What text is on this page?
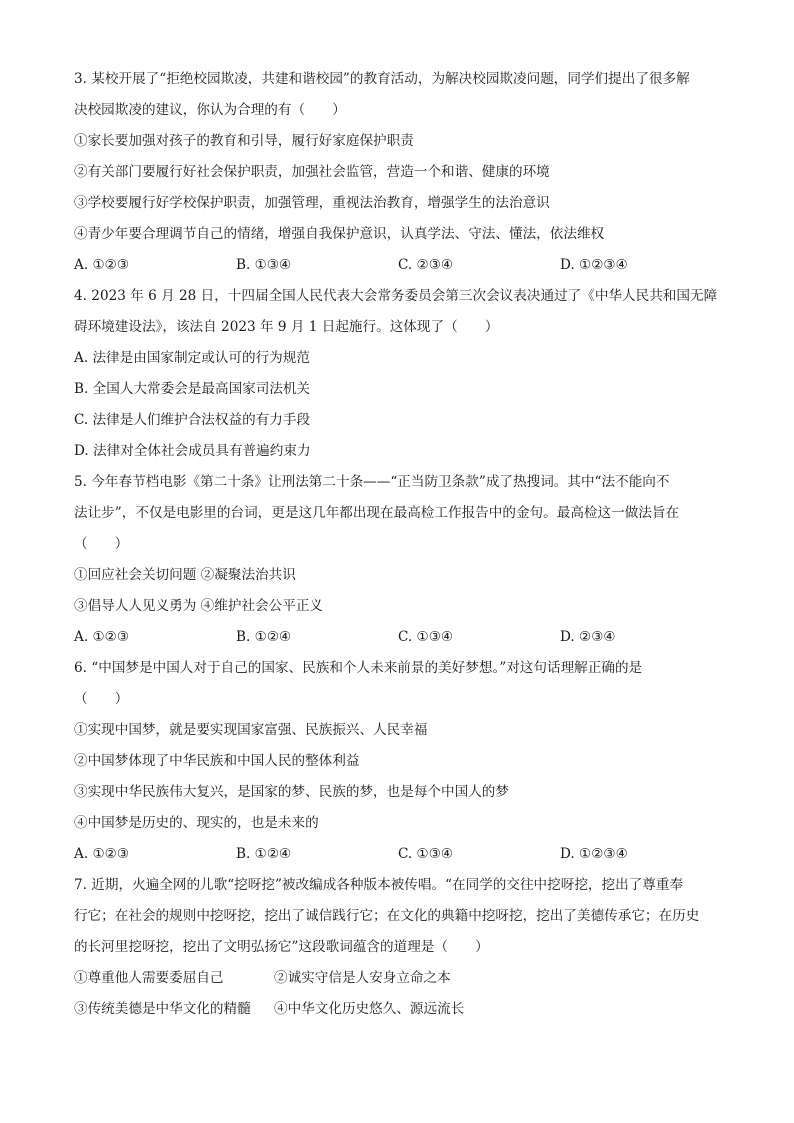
3. 某校开展了“拒绝校园欺凌，共建和谐校园”的教育活动，为解决校园欺凌问题，同学们提出了很多解
决校园欺凌的建议，你认为合理的有（　　）
①家长要加强对孩子的教育和引导，履行好家庭保护职责
②有关部门要履行好社会保护职责，加强社会监管，营造一个和谐、健康的环境
③学校要履行好学校保护职责，加强管理，重视法治教育，增强学生的法治意识
④青少年要合理调节自己的情绪，增强自我保护意识，认真学法、守法、懂法，依法维权
A. ①②③	B. ①③④	C. ②③④	D. ①②③④
4. 2023 年 6 月 28 日，十四届全国人民代表大会常务委员会第三次会议表决通过了《中华人民共和国无障
碍环境建设法》，该法自 2023 年 9 月 1 日起施行。这体现了（　　）
A. 法律是由国家制定或认可的行为规范
B. 全国人大常委会是最高国家司法机关
C. 法律是人们维护合法权益的有力手段
D. 法律对全体社会成员具有普遍约束力
5. 今年春节档电影《第二十条》让刑法第二十条——“正当防卫条款”成了热搜词。其中“法不能向不
法让步”，不仅是电影里的台词，更是这几年都出现在最高检工作报告中的金句。最高检这一做法旨在
（　　）
①回应社会关切问题 ②凝聚法治共识
③倡导人人见义勇为 ④维护社会公平正义
A. ①②③	B. ①②④	C. ①③④	D. ②③④
6. “中国梦是中国人对于自己的国家、民族和个人未来前景的美好梦想。”对这句话理解正确的是
（　　）
①实现中国梦，就是要实现国家富强、民族振兴、人民幸福
②中国梦体现了中华民族和中国人民的整体利益
③实现中华民族伟大复兴，是国家的梦、民族的梦，也是每个中国人的梦
④中国梦是历史的、现实的，也是未来的
A. ①②③	B. ①②④	C. ①③④	D. ①②③④
7. 近期，火遍全网的儿歌“挖呀挖”被改编成各种版本被传唱。“在同学的交往中挖呀挖，挖出了尊重奉
行它；在社会的规则中挖呀挖，挖出了诚信践行它；在文化的典籍中挖呀挖，挖出了美德传承它；在历史
的长河里挖呀挖，挖出了文明弘扬它”这段歌词蕴含的道理是（　　）
①尊重他人需要委屈自己	②诚实守信是人安身立命之本
③传统美德是中华文化的精髓	④中华文化历史悠久、源远流长
